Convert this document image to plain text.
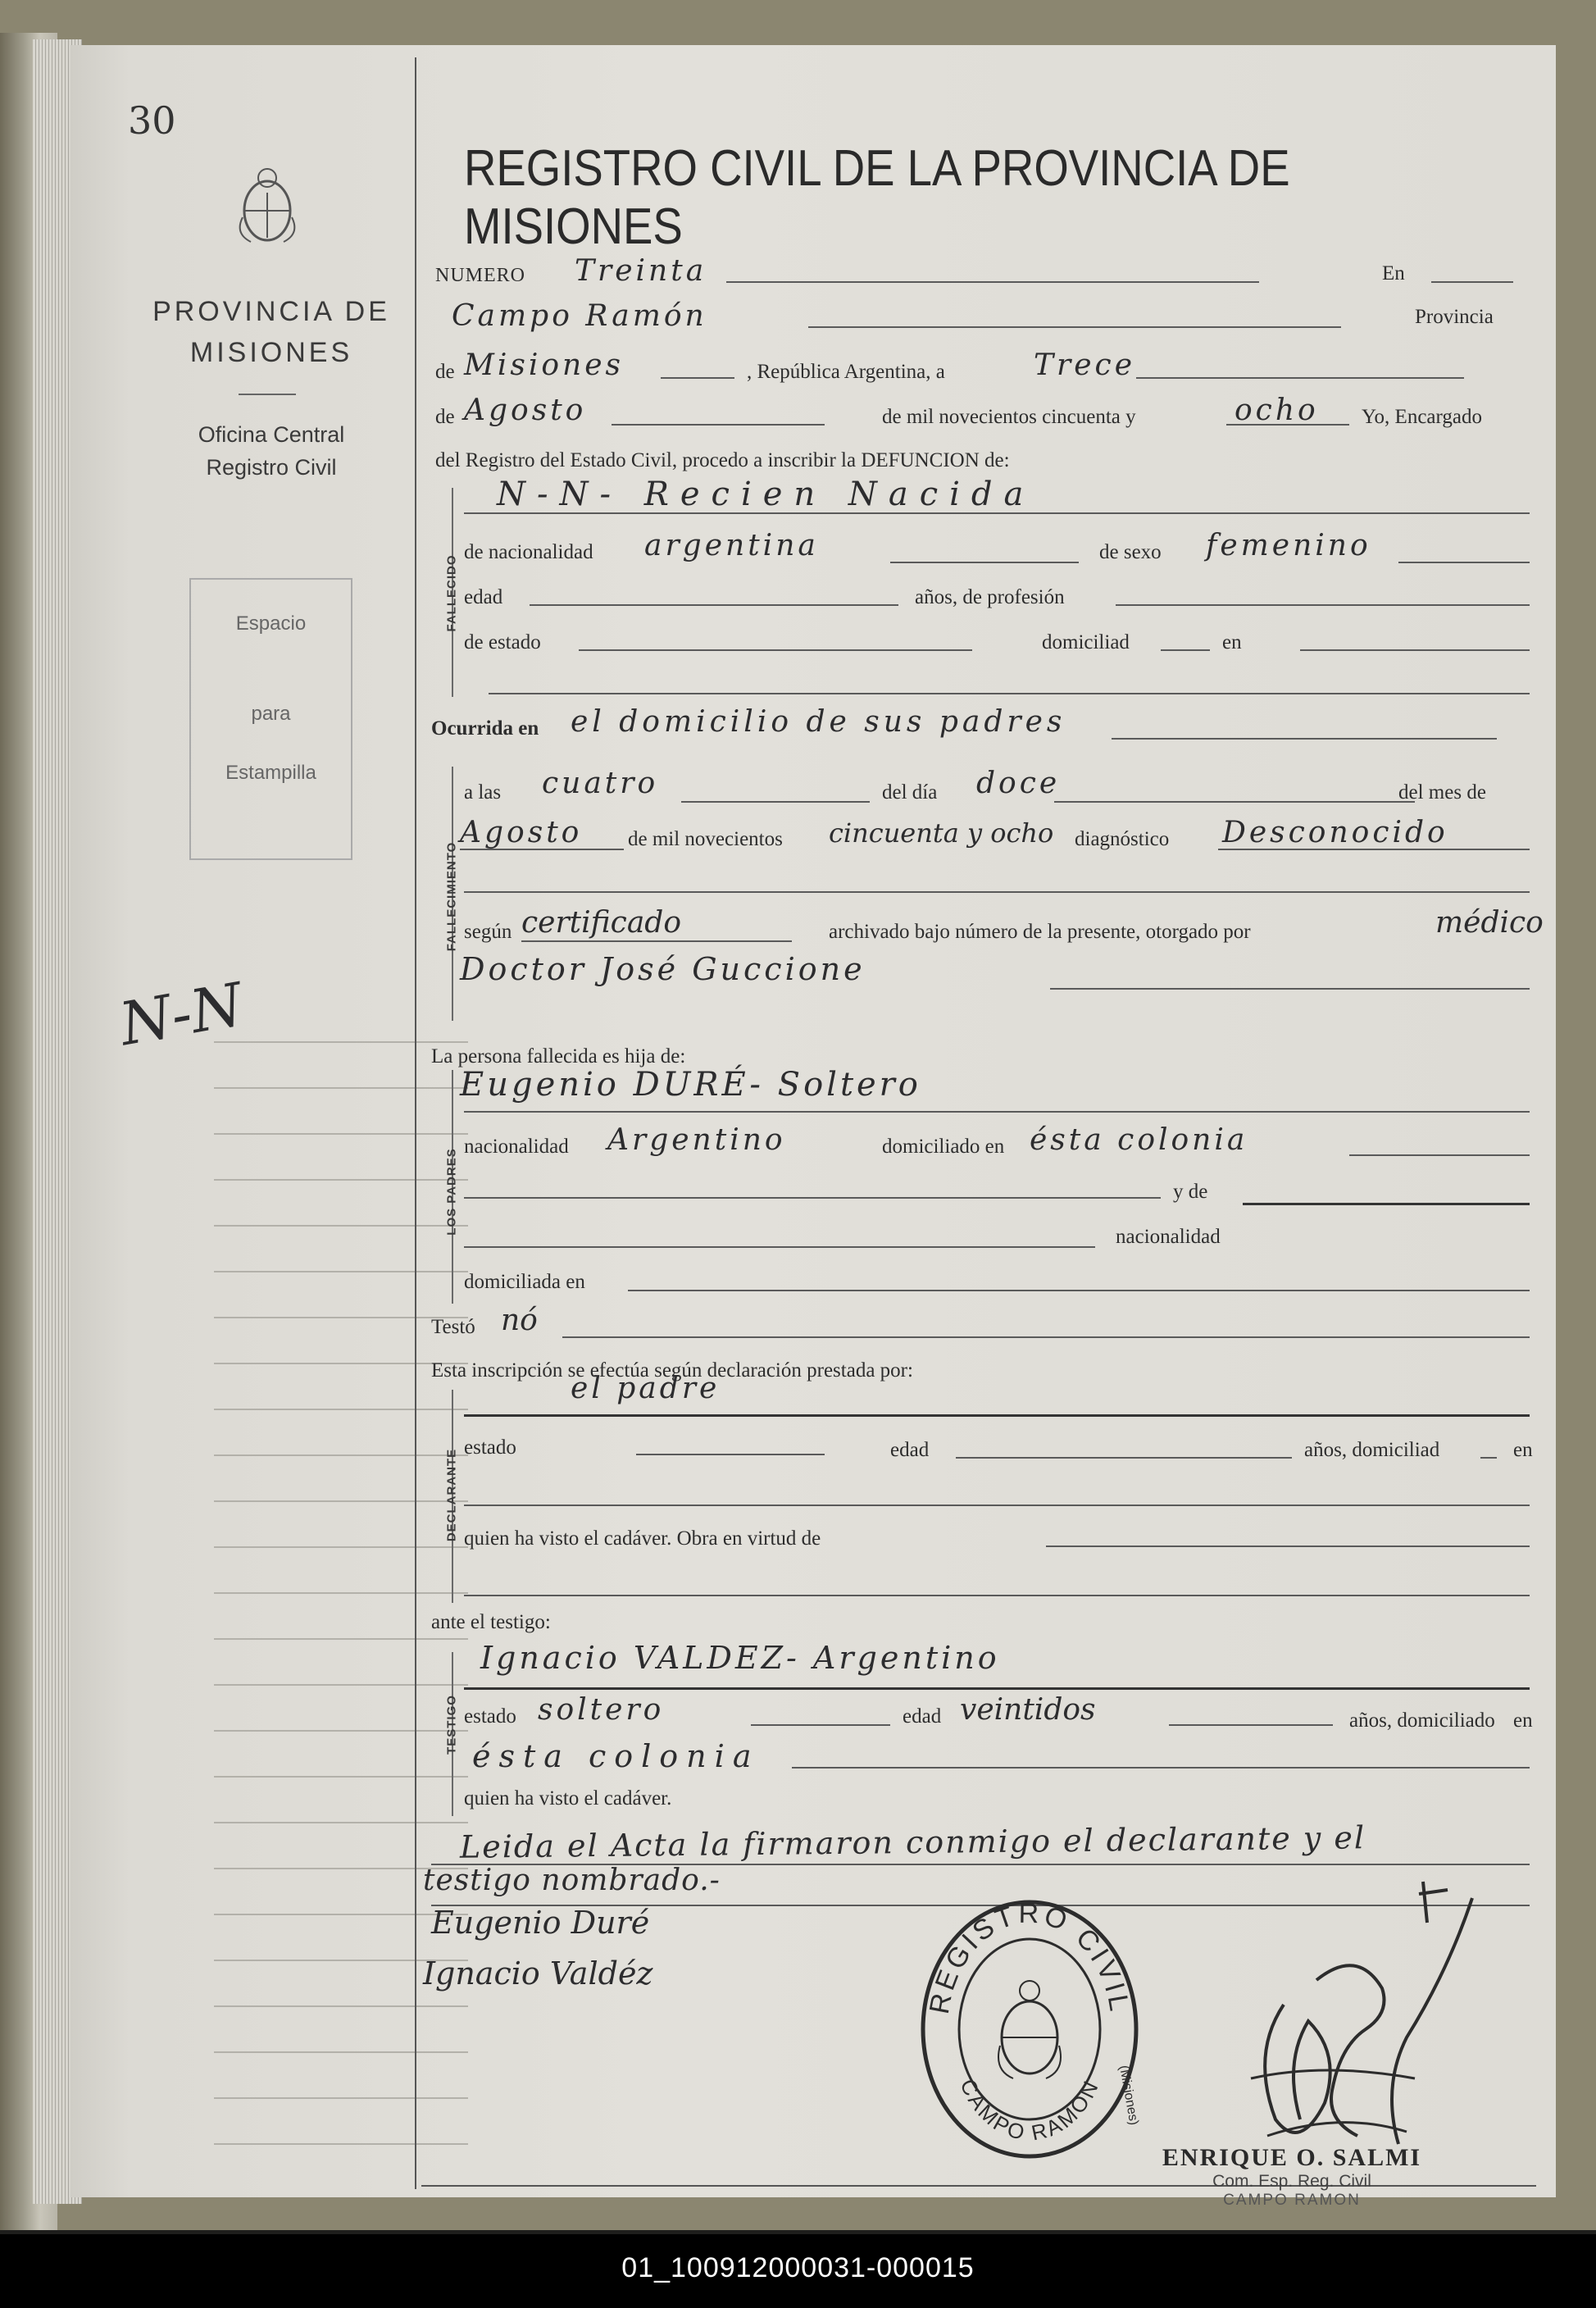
30
PROVINCIA DE
MISIONES
Oficina Central
Registro Civil
Espacio
para
Estampilla
N-N
REGISTRO CIVIL DE LA PROVINCIA DE MISIONES
NUMERO Treinta	En
Campo Ramón	Provincia
de Misiones	, República Argentina, a	Trece
de Agosto	de mil novecientos cincuenta y	ocho Yo, Encargado
del Registro del Estado Civil, procedo a inscribir la DEFUNCION de:
FALLECIDO
N-N- Recien Nacida
de nacionalidad argentina	de sexo femenino
edad	años, de profesión
de estado	domiciliad	en
Ocurrida en el domicilio de sus padres
FALLECIMIENTO
a las cuatro	del día doce	del mes de
Agosto de mil novecientos cincuenta y ocho diagnóstico Desconocido
según certificado	archivado bajo número de la presente, otorgado por	médico
Doctor José Guccione
La persona fallecida es hija de:
LOS PADRES
Eugenio DURÉ- Soltero
nacionalidad Argentino	domiciliado en ésta colonia
y de
nacionalidad
domiciliada en
Testó nó
Esta inscripción se efectúa según declaración prestada por:
DECLARANTE
el padre
estado	edad	años, domiciliad	en
quien ha visto el cadáver. Obra en virtud de
ante el testigo:
TESTIGO
Ignacio VALDEZ- Argentino
estado soltero	edad veintidos	años, domiciliado en
ésta colonia
quien ha visto el cadáver.
Leida el Acta la firmaron conmigo el declarante y el
testigo nombrado.-
Eugenio Duré
Ignacio Valdéz
REGISTRO CIVIL
CAMPO RAMON (Misiones)
ENRIQUE O. SALMI
Com. Esp. Reg. Civil
CAMPO RAMON
01_100912000031-000015
